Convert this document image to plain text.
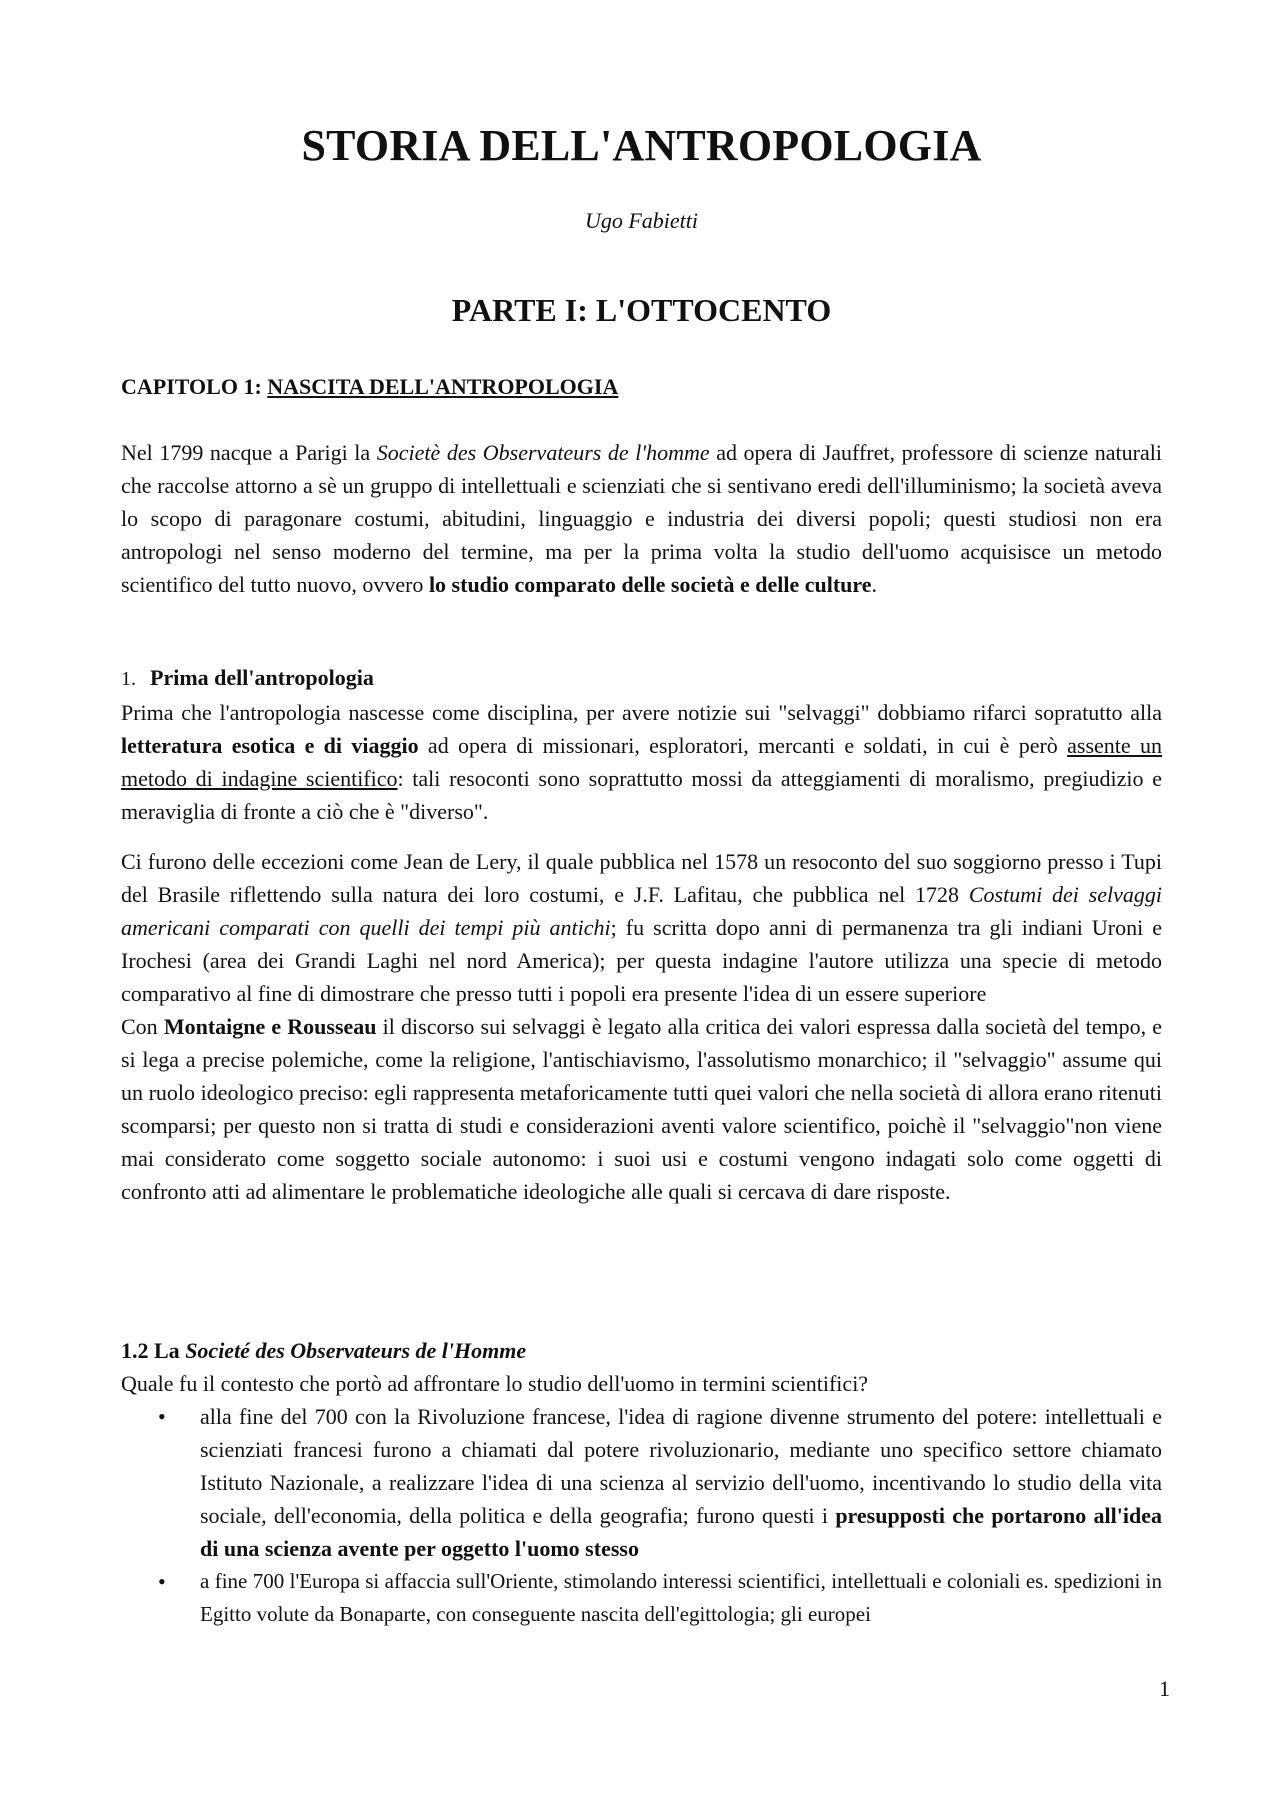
STORIA DELL'ANTROPOLOGIA
Ugo Fabietti
PARTE I: L'OTTOCENTO
CAPITOLO 1: NASCITA DELL'ANTROPOLOGIA

Nel 1799 nacque a Parigi la Societè des Observateurs de l'homme ad opera di Jauffret, professore di scienze naturali che raccolse attorno a sè un gruppo di intellettuali e scienziati che si sentivano eredi dell'illuminismo; la società aveva lo scopo di paragonare costumi, abitudini, linguaggio e industria dei diversi popoli; questi studiosi non era antropologi nel senso moderno del termine, ma per la prima volta la studio dell'uomo acquisisce un metodo scientifico del tutto nuovo, ovvero lo studio comparato delle società e delle culture.

1. Prima dell'antropologia

Prima che l'antropologia nascesse come disciplina, per avere notizie sui "selvaggi" dobbiamo rifarci sopratutto alla letteratura esotica e di viaggio ad opera di missionari, esploratori, mercanti e soldati, in cui è però assente un metodo di indagine scientifico: tali resoconti sono soprattutto mossi da atteggiamenti di moralismo, pregiudizio e meraviglia di fronte a ciò che è "diverso".

Ci furono delle eccezioni come Jean de Lery, il quale pubblica nel 1578 un resoconto del suo soggiorno presso i Tupi del Brasile riflettendo sulla natura dei loro costumi, e J.F. Lafitau, che pubblica nel 1728 Costumi dei selvaggi americani comparati con quelli dei tempi più antichi; fu scritta dopo anni di permanenza tra gli indiani Uroni e Irochesi (area dei Grandi Laghi nel nord America); per questa indagine l'autore utilizza una specie di metodo comparativo al fine di dimostrare che presso tutti i popoli era presente l'idea di un essere superiore

Con Montaigne e Rousseau il discorso sui selvaggi è legato alla critica dei valori espressa dalla società del tempo, e si lega a precise polemiche, come la religione, l'antischiavismo, l'assolutismo monarchico; il "selvaggio" assume qui un ruolo ideologico preciso: egli rappresenta metaforicamente tutti quei valori che nella società di allora erano ritenuti scomparsi; per questo non si tratta di studi e considerazioni aventi valore scientifico, poichè il "selvaggio"non viene mai considerato come soggetto sociale autonomo: i suoi usi e costumi vengono indagati solo come oggetti di confronto atti ad alimentare le problematiche ideologiche alle quali si cercava di dare risposte.

1.2 La Societé des Observateurs de l'Homme

Quale fu il contesto che portò ad affrontare lo studio dell'uomo in termini scientifici?

• alla fine del 700 con la Rivoluzione francese, l'idea di ragione divenne strumento del potere: intellettuali e scienziati francesi furono a chiamati dal potere rivoluzionario, mediante uno specifico settore chiamato Istituto Nazionale, a realizzare l'idea di una scienza al servizio dell'uomo, incentivando lo studio della vita sociale, dell'economia, della politica e della geografia; furono questi i presupposti che portarono all'idea di una scienza avente per oggetto l'uomo stesso

• a fine 700 l'Europa si affaccia sull'Oriente, stimolando interessi scientifici, intellettuali e coloniali es. spedizioni in Egitto volute da Bonaparte, con conseguente nascita dell'egittologia; gli europei

1
